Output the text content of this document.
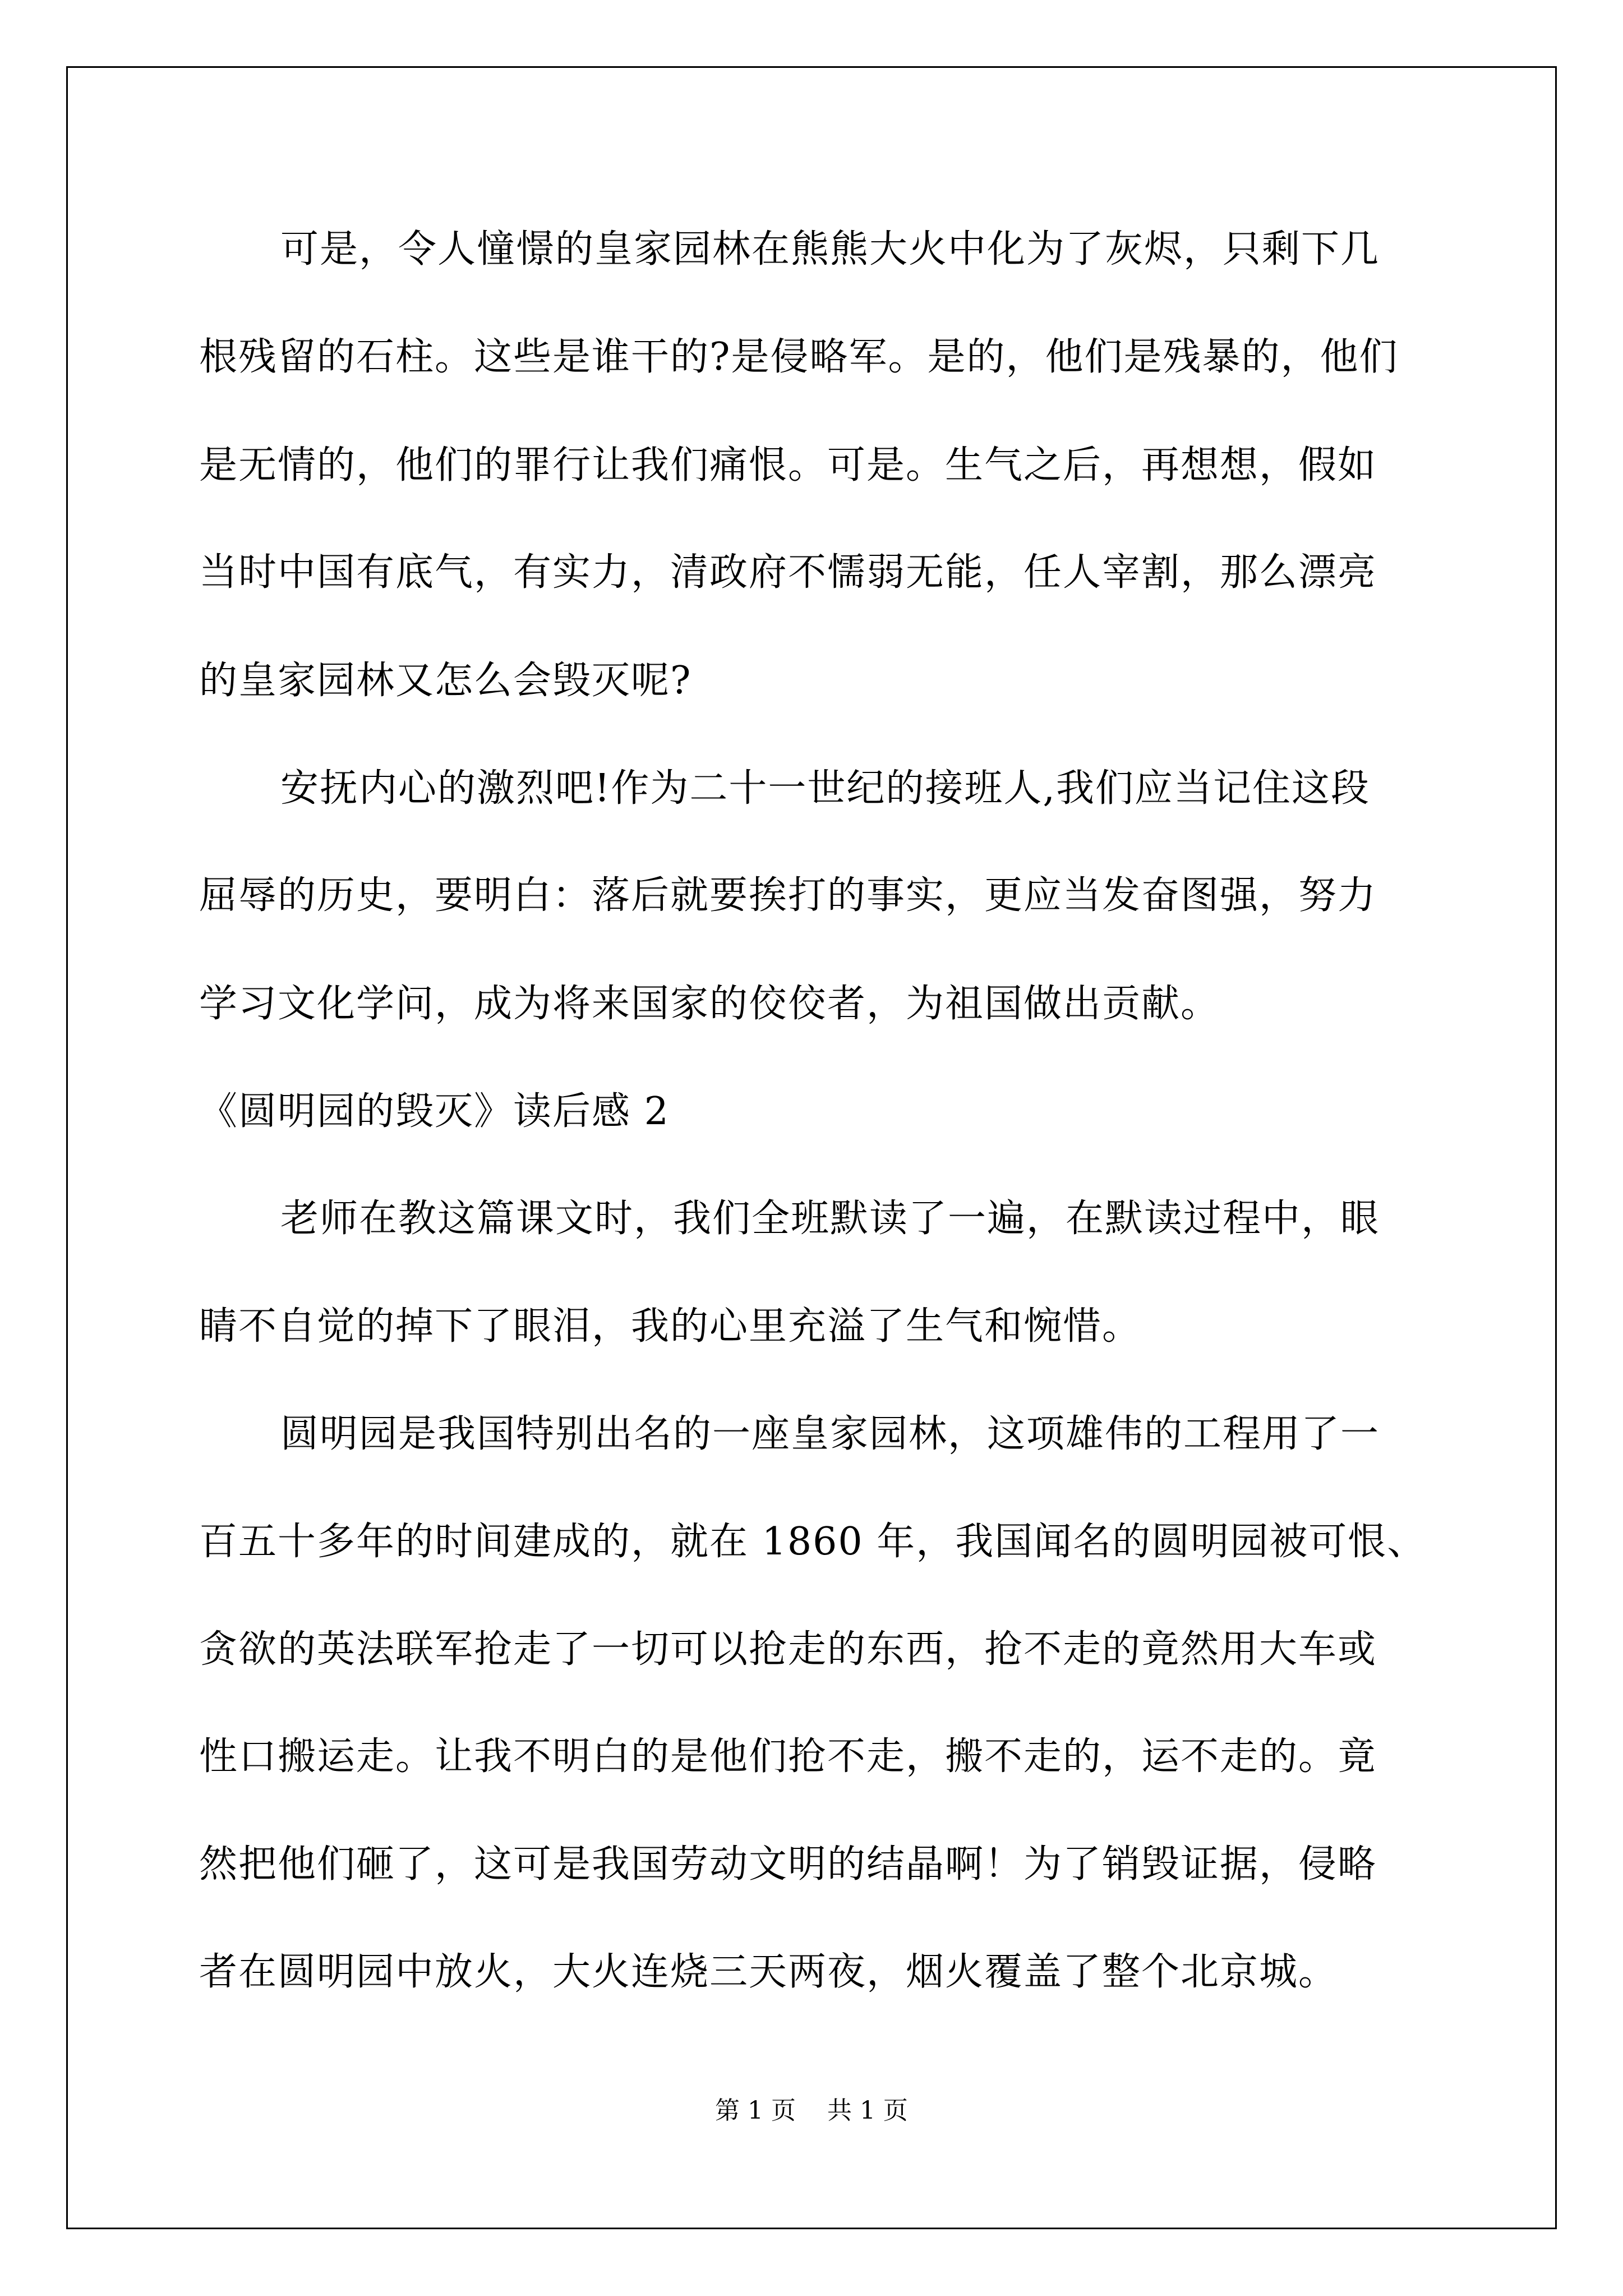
可是，令人憧憬的皇家园林在熊熊大火中化为了灰烬，只剩下几
根残留的石柱。这些是谁干的?是侵略军。是的，他们是残暴的，他们
是无情的，他们的罪行让我们痛恨。可是。生气之后，再想想，假如
当时中国有底气，有实力，清政府不懦弱无能，任人宰割，那么漂亮
的皇家园林又怎么会毁灭呢?
安抚内心的激烈吧!作为二十一世纪的接班人,我们应当记住这段
屈辱的历史，要明白：落后就要挨打的事实，更应当发奋图强，努力
学习文化学问，成为将来国家的佼佼者，为祖国做出贡献。
《圆明园的毁灭》读后感 2
老师在教这篇课文时，我们全班默读了一遍，在默读过程中，眼
睛不自觉的掉下了眼泪，我的心里充溢了生气和惋惜。
圆明园是我国特别出名的一座皇家园林，这项雄伟的工程用了一
百五十多年的时间建成的，就在 1860 年，我国闻名的圆明园被可恨、
贪欲的英法联军抢走了一切可以抢走的东西，抢不走的竟然用大车或
性口搬运走。让我不明白的是他们抢不走，搬不走的，运不走的。竟
然把他们砸了，这可是我国劳动文明的结晶啊！为了销毁证据，侵略
者在圆明园中放火，大火连烧三天两夜，烟火覆盖了整个北京城。
第 1 页    共 1 页
